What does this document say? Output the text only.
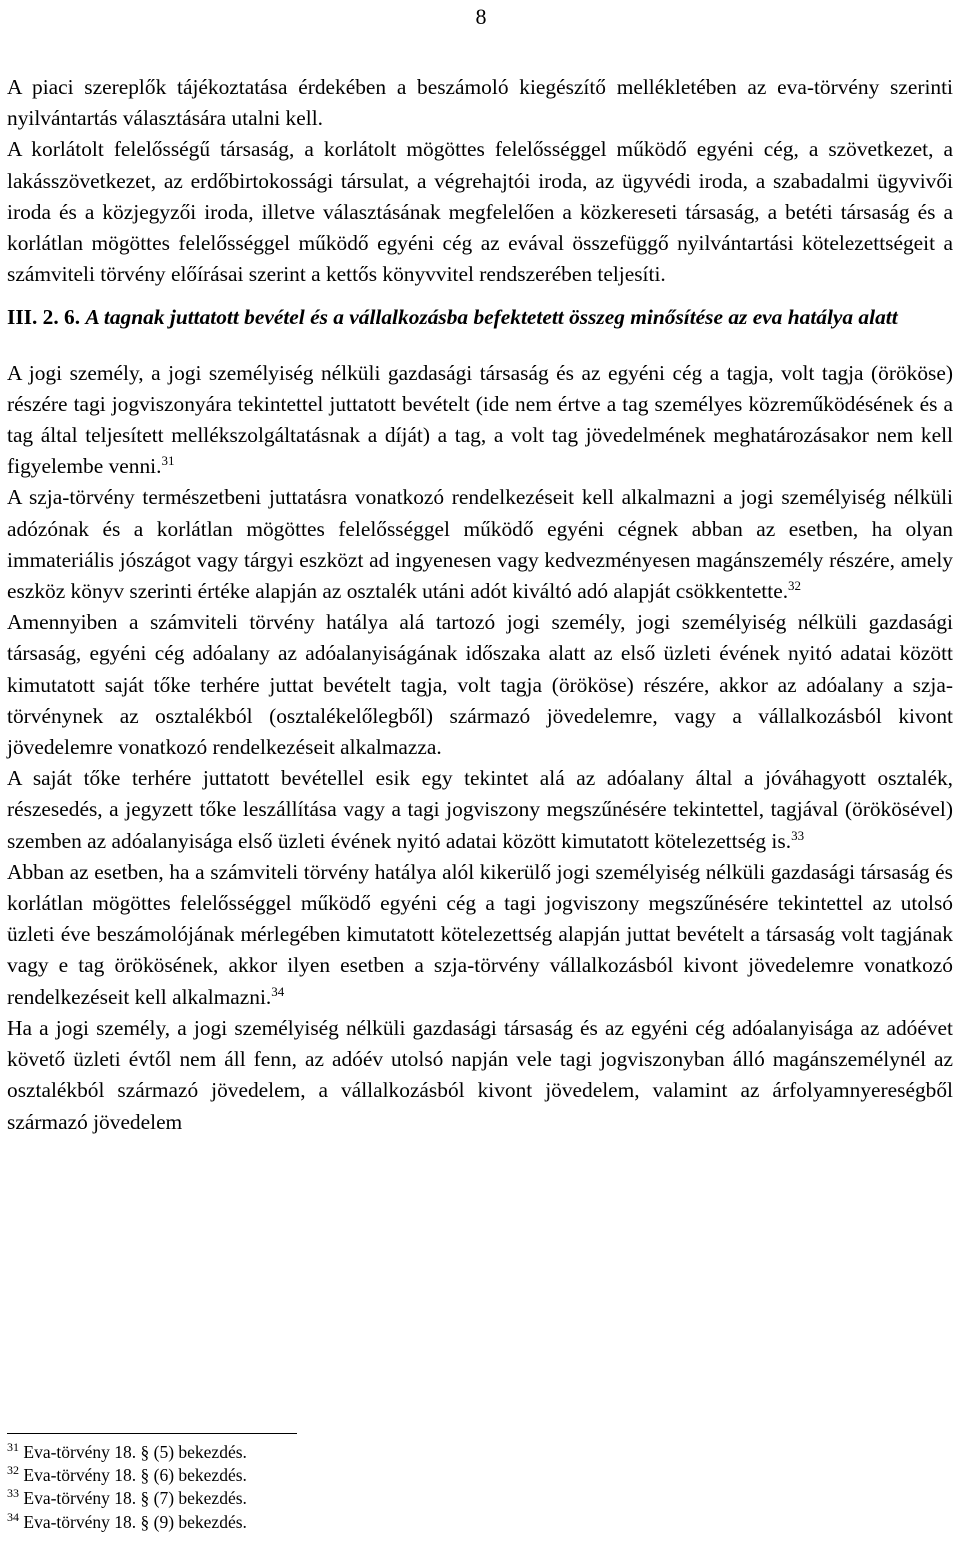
8

A piaci szereplők tájékoztatása érdekében a beszámoló kiegészítő mellékletében az eva-törvény szerinti nyilvántartás választására utalni kell.

A korlátolt felelősségű társaság, a korlátolt mögöttes felelősséggel működő egyéni cég, a szövetkezet, a lakásszövetkezet, az erdőbirtokossági társulat, a végrehajtói iroda, az ügyvédi iroda, a szabadalmi ügyvivői iroda és a közjegyzői iroda, illetve választásának megfelelően a közkereseti társaság, a betéti társaság és a korlátlan mögöttes felelősséggel működő egyéni cég az evával összefüggő nyilvántartási kötelezettségeit a számviteli törvény előírásai szerint a kettős könyvvitel rendszerében teljesíti.

III. 2. 6. A tagnak juttatott bevétel és a vállalkozásba befektetett összeg minősítése az eva hatálya alatt

A jogi személy, a jogi személyiség nélküli gazdasági társaság és az egyéni cég a tagja, volt tagja (örököse) részére tagi jogviszonyára tekintettel juttatott bevételt (ide nem értve a tag személyes közreműködésének és a tag által teljesített mellékszolgáltatásnak a díját) a tag, a volt tag jövedelmének meghatározásakor nem kell figyelembe venni.$^{31}$

A szja-törvény természetbeni juttatásra vonatkozó rendelkezéseit kell alkalmazni a jogi személyiség nélküli adózónak és a korlátlan mögöttes felelősséggel működő egyéni cégnek abban az esetben, ha olyan immateriális jószágot vagy tárgyi eszközt ad ingyenesen vagy kedvezményesen magánszemély részére, amely eszköz könyv szerinti értéke alapján az osztalék utáni adót kiváltó adó alapját csökkentette.$^{32}$

Amennyiben a számviteli törvény hatálya alá tartozó jogi személy, jogi személyiség nélküli gazdasági társaság, egyéni cég adóalany az adóalanyiságának időszaka alatt az első üzleti évének nyitó adatai között kimutatott saját tőke terhére juttat bevételt tagja, volt tagja (örököse) részére, akkor az adóalany a szja-törvénynek az osztalékból (osztalékelőlegből) származó jövedelemre, vagy a vállalkozásból kivont jövedelemre vonatkozó rendelkezéseit alkalmazza.

A saját tőke terhére juttatott bevétellel esik egy tekintet alá az adóalany által a jóváhagyott osztalék, részesedés, a jegyzett tőke leszállítása vagy a tagi jogviszony megszűnésére tekintettel, tagjával (örökösével) szemben az adóalanyisága első üzleti évének nyitó adatai között kimutatott kötelezettség is.$^{33}$

Abban az esetben, ha a számviteli törvény hatálya alól kikerülő jogi személyiség nélküli gazdasági társaság és korlátlan mögöttes felelősséggel működő egyéni cég a tagi jogviszony megszűnésére tekintettel az utolsó üzleti éve beszámolójának mérlegében kimutatott kötelezettség alapján juttat bevételt a társaság volt tagjának vagy e tag örökösének, akkor ilyen esetben a szja-törvény vállalkozásból kivont jövedelemre vonatkozó rendelkezéseit kell alkalmazni.$^{34}$

Ha a jogi személy, a jogi személyiség nélküli gazdasági társaság és az egyéni cég adóalanyisága az adóévet követő üzleti évtől nem áll fenn, az adóév utolsó napján vele tagi jogviszonyban álló magánszemélynél az osztalékból származó jövedelem, a vállalkozásból kivont jövedelem, valamint az árfolyamnyereségből származó jövedelem

$^{31}$ Eva-törvény 18. § (5) bekezdés.

$^{32}$ Eva-törvény 18. § (6) bekezdés.

$^{33}$ Eva-törvény 18. § (7) bekezdés.

$^{34}$ Eva-törvény 18. § (9) bekezdés.
